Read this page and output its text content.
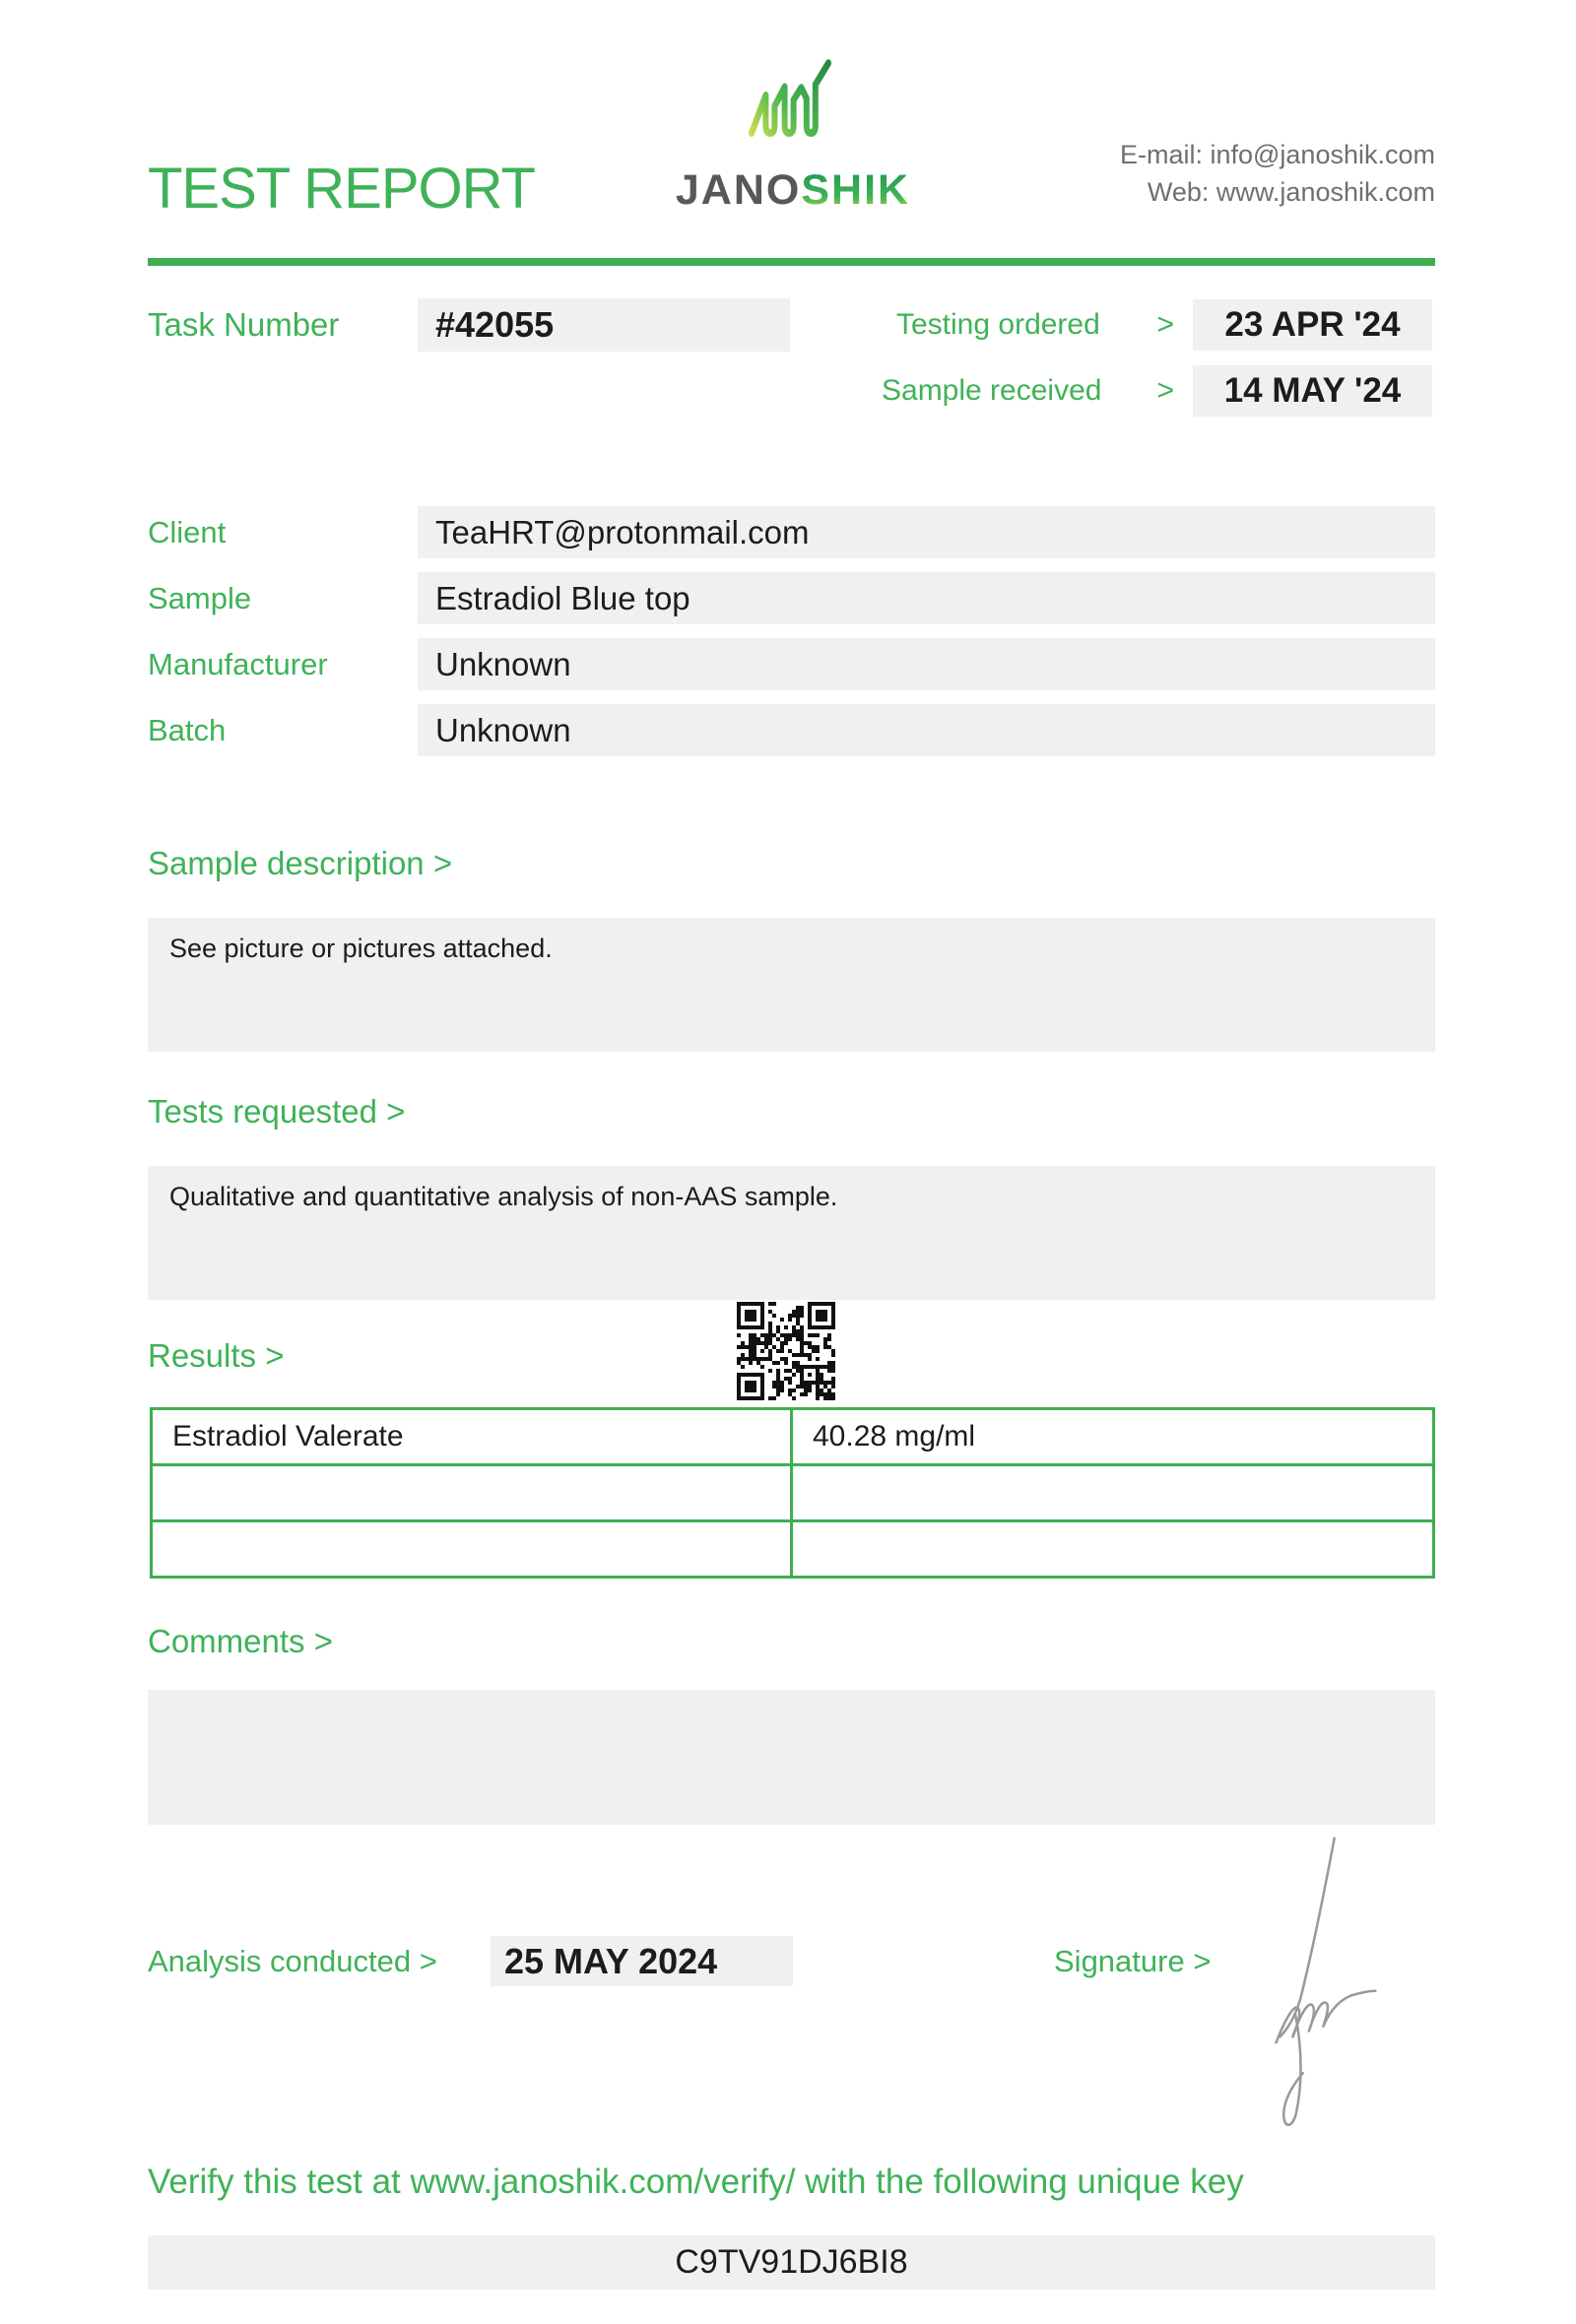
TEST REPORT	JANOSHIK
E-mail: info@janoshik.com
Web: www.janoshik.com
Task Number	#42055	Testing ordered >	23 APR '24
Sample received >	14 MAY '24
Client	TeaHRT@protonmail.com
Sample	Estradiol Blue top
Manufacturer	Unknown
Batch	Unknown
Sample description >
See picture or pictures attached.
Tests requested >
Qualitative and quantitative analysis of non-AAS sample.
Results >
Estradiol Valerate	40.28 mg/ml

Comments >
Analysis conducted >	25 MAY 2024	Signature >
Verify this test at www.janoshik.com/verify/ with the following unique key
C9TV91DJ6BI8
